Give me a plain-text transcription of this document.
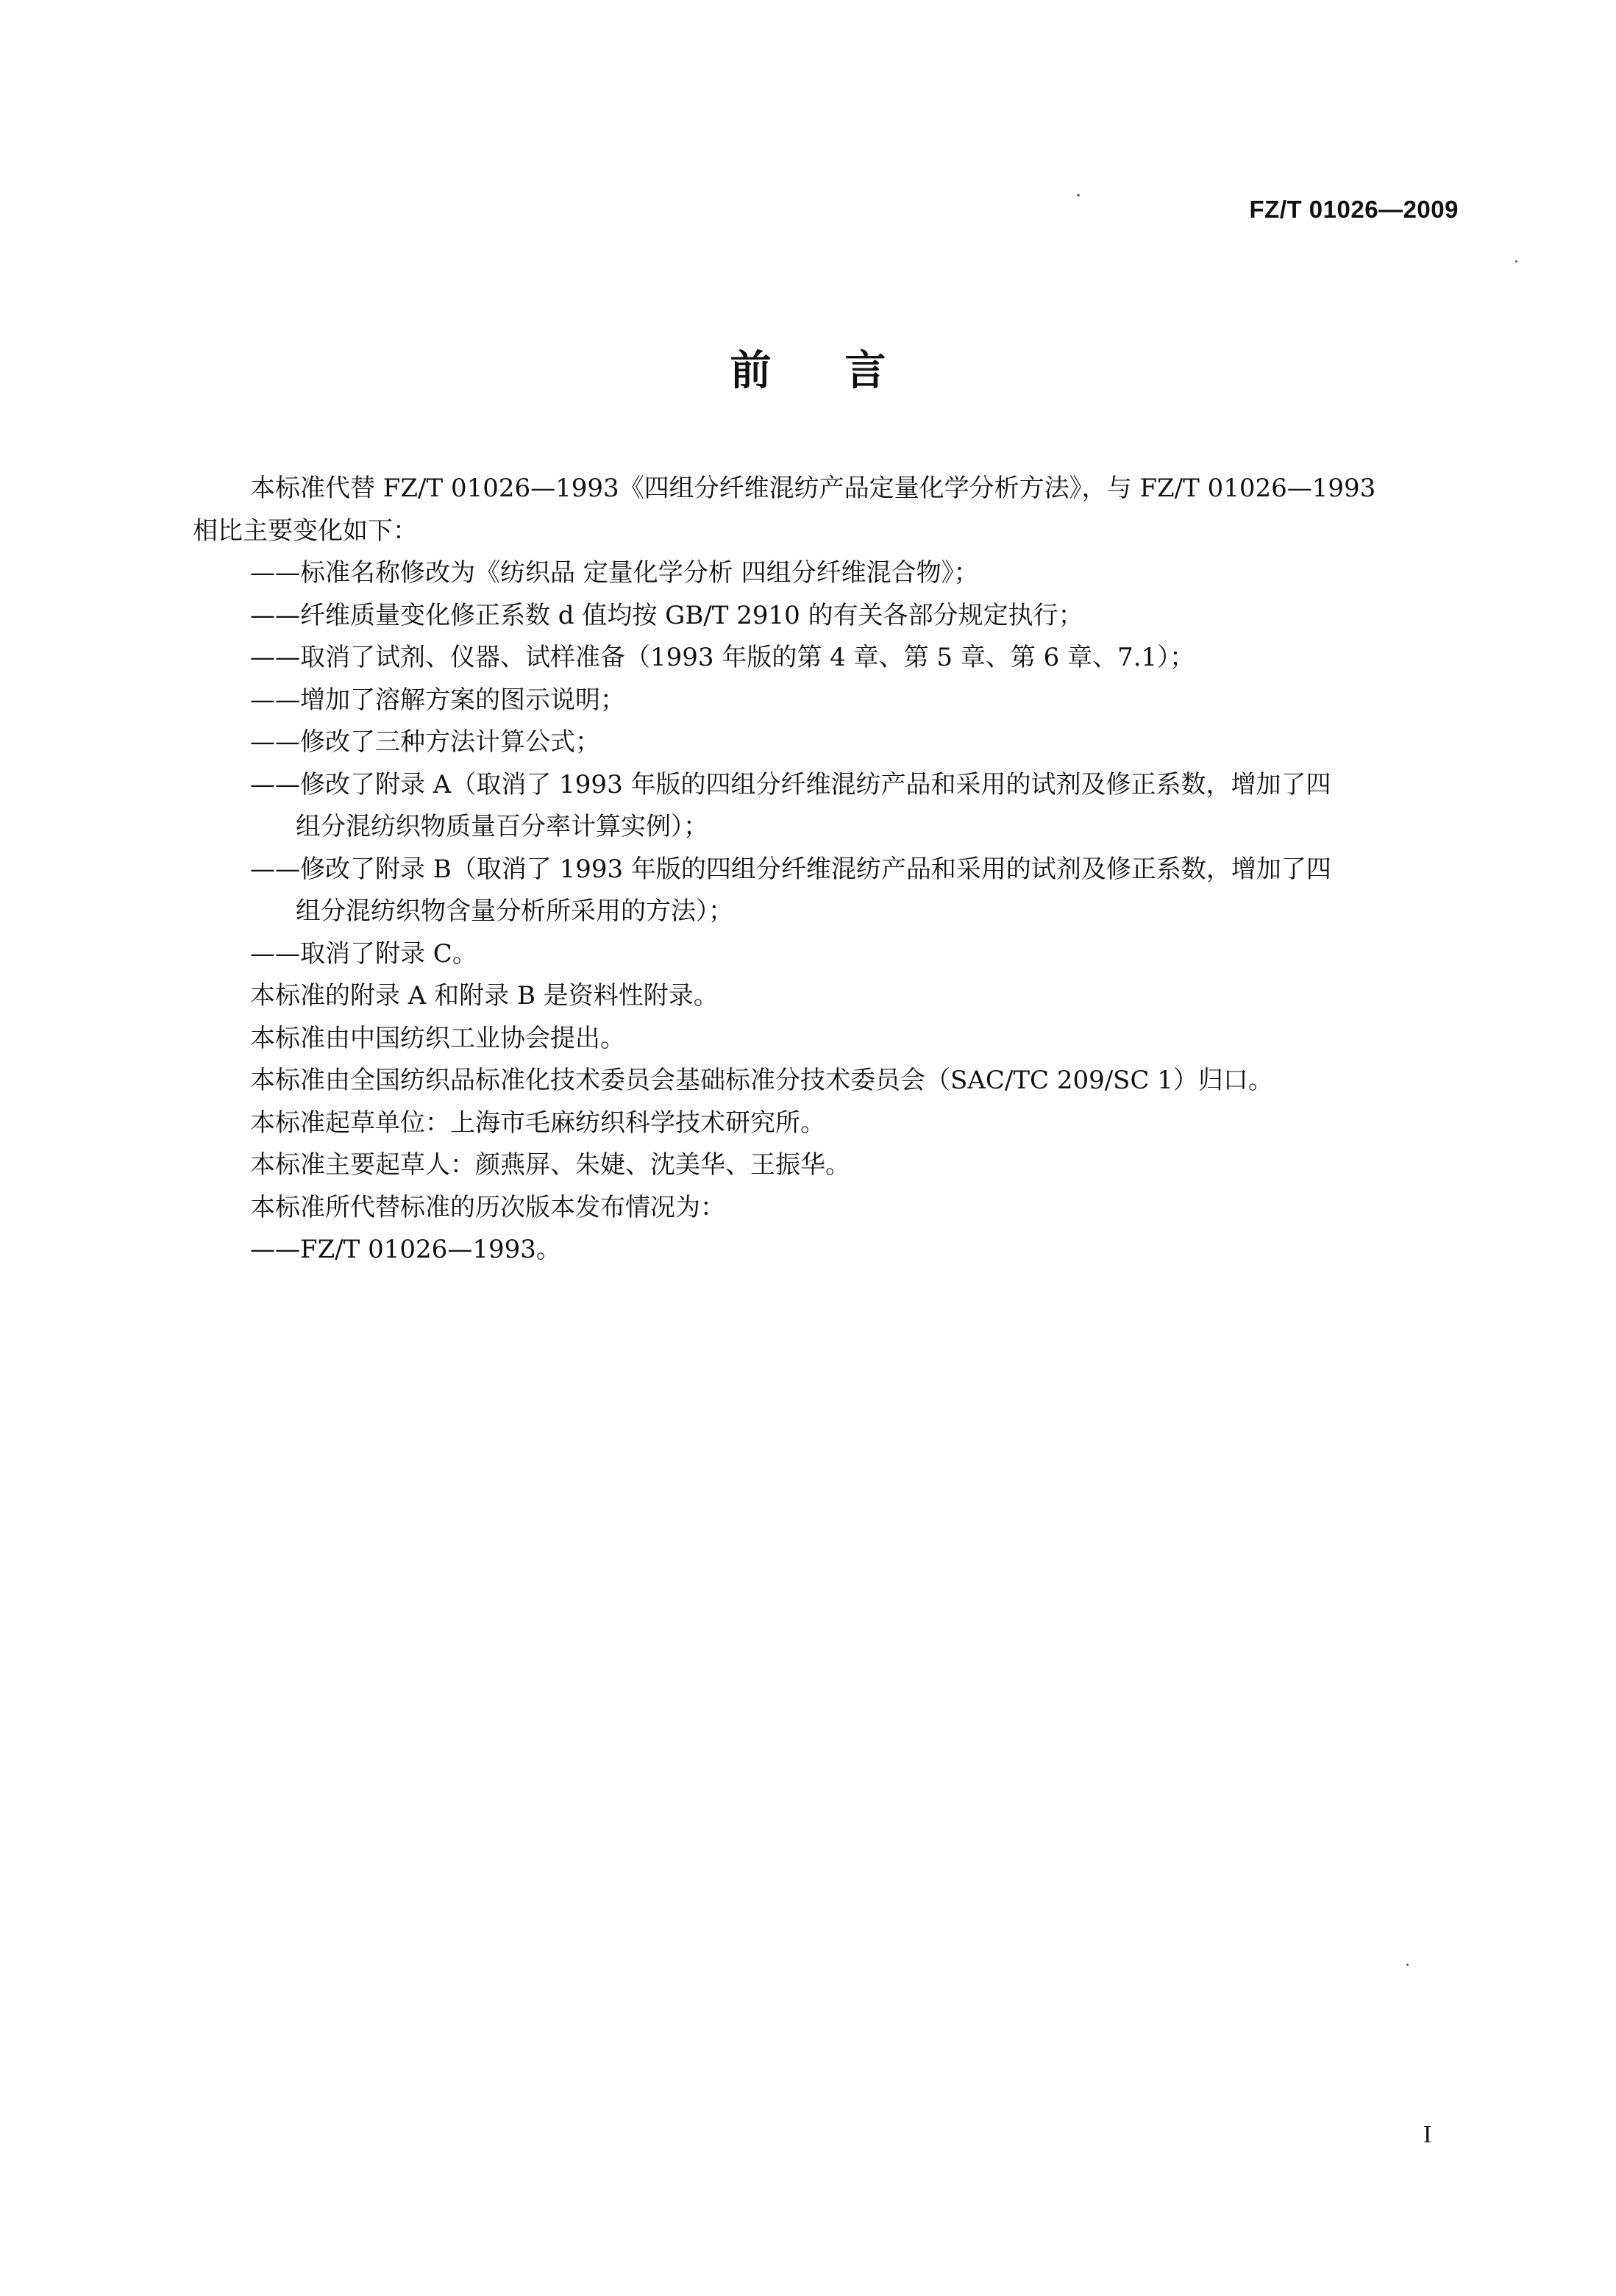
FZ/T 01026—2009
前 言

本标准代替 FZ/T 01026—1993《四组分纤维混纺产品定量化学分析方法》，与 FZ/T 01026—1993

相比主要变化如下：

——标准名称修改为《纺织品 定量化学分析 四组分纤维混合物》；

——纤维质量变化修正系数 d 值均按 GB/T 2910 的有关各部分规定执行；

——取消了试剂、仪器、试样准备（1993 年版的第 4 章、第 5 章、第 6 章、7.1）；

——增加了溶解方案的图示说明；

——修改了三种方法计算公式；

——修改了附录 A（取消了 1993 年版的四组分纤维混纺产品和采用的试剂及修正系数，增加了四

组分混纺织物质量百分率计算实例）；

——修改了附录 B（取消了 1993 年版的四组分纤维混纺产品和采用的试剂及修正系数，增加了四

组分混纺织物含量分析所采用的方法）；

——取消了附录 C。

本标准的附录 A 和附录 B 是资料性附录。

本标准由中国纺织工业协会提出。

本标准由全国纺织品标准化技术委员会基础标准分技术委员会（SAC/TC 209/SC 1）归口。

本标准起草单位：上海市毛麻纺织科学技术研究所。

本标准主要起草人：颜燕屏、朱婕、沈美华、王振华。

本标准所代替标准的历次版本发布情况为：

——FZ/T 01026—1993。

I
